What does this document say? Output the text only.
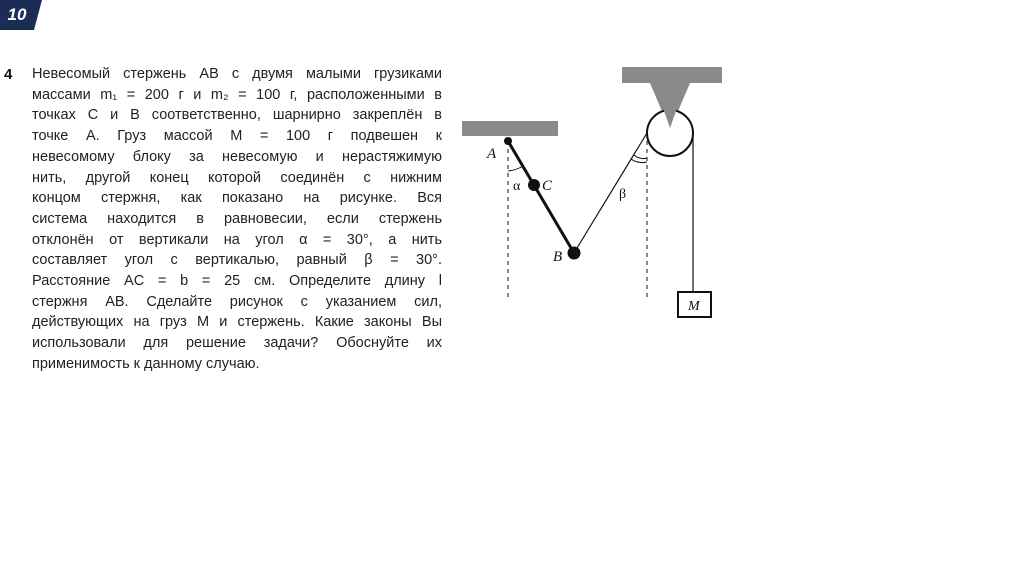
10
4 Невесомый стержень AB с двумя малыми грузиками
массами m₁ = 200 г и m₂ = 100 г, расположенными в
точках C и B соответственно, шарнирно закреплён в
точке A. Груз массой M = 100 г подвешен к
невесомому блоку за невесомую и нерастяжимую
нить, другой конец которой соединён с нижним
концом стержня, как показано на рисунке. Вся
система находится в равновесии, если стержень
отклонён от вертикали на угол α = 30°, а нить
составляет угол с вертикалью, равный β = 30°.
Расстояние AC = b = 25 см. Определите длину l
стержня AB. Сделайте рисунок с указанием сил,
действующих на груз M и стержень. Какие законы Вы
использовали для решение задачи? Обоснуйте их
применимость к данному случаю.

A
C
B
α
β
M
